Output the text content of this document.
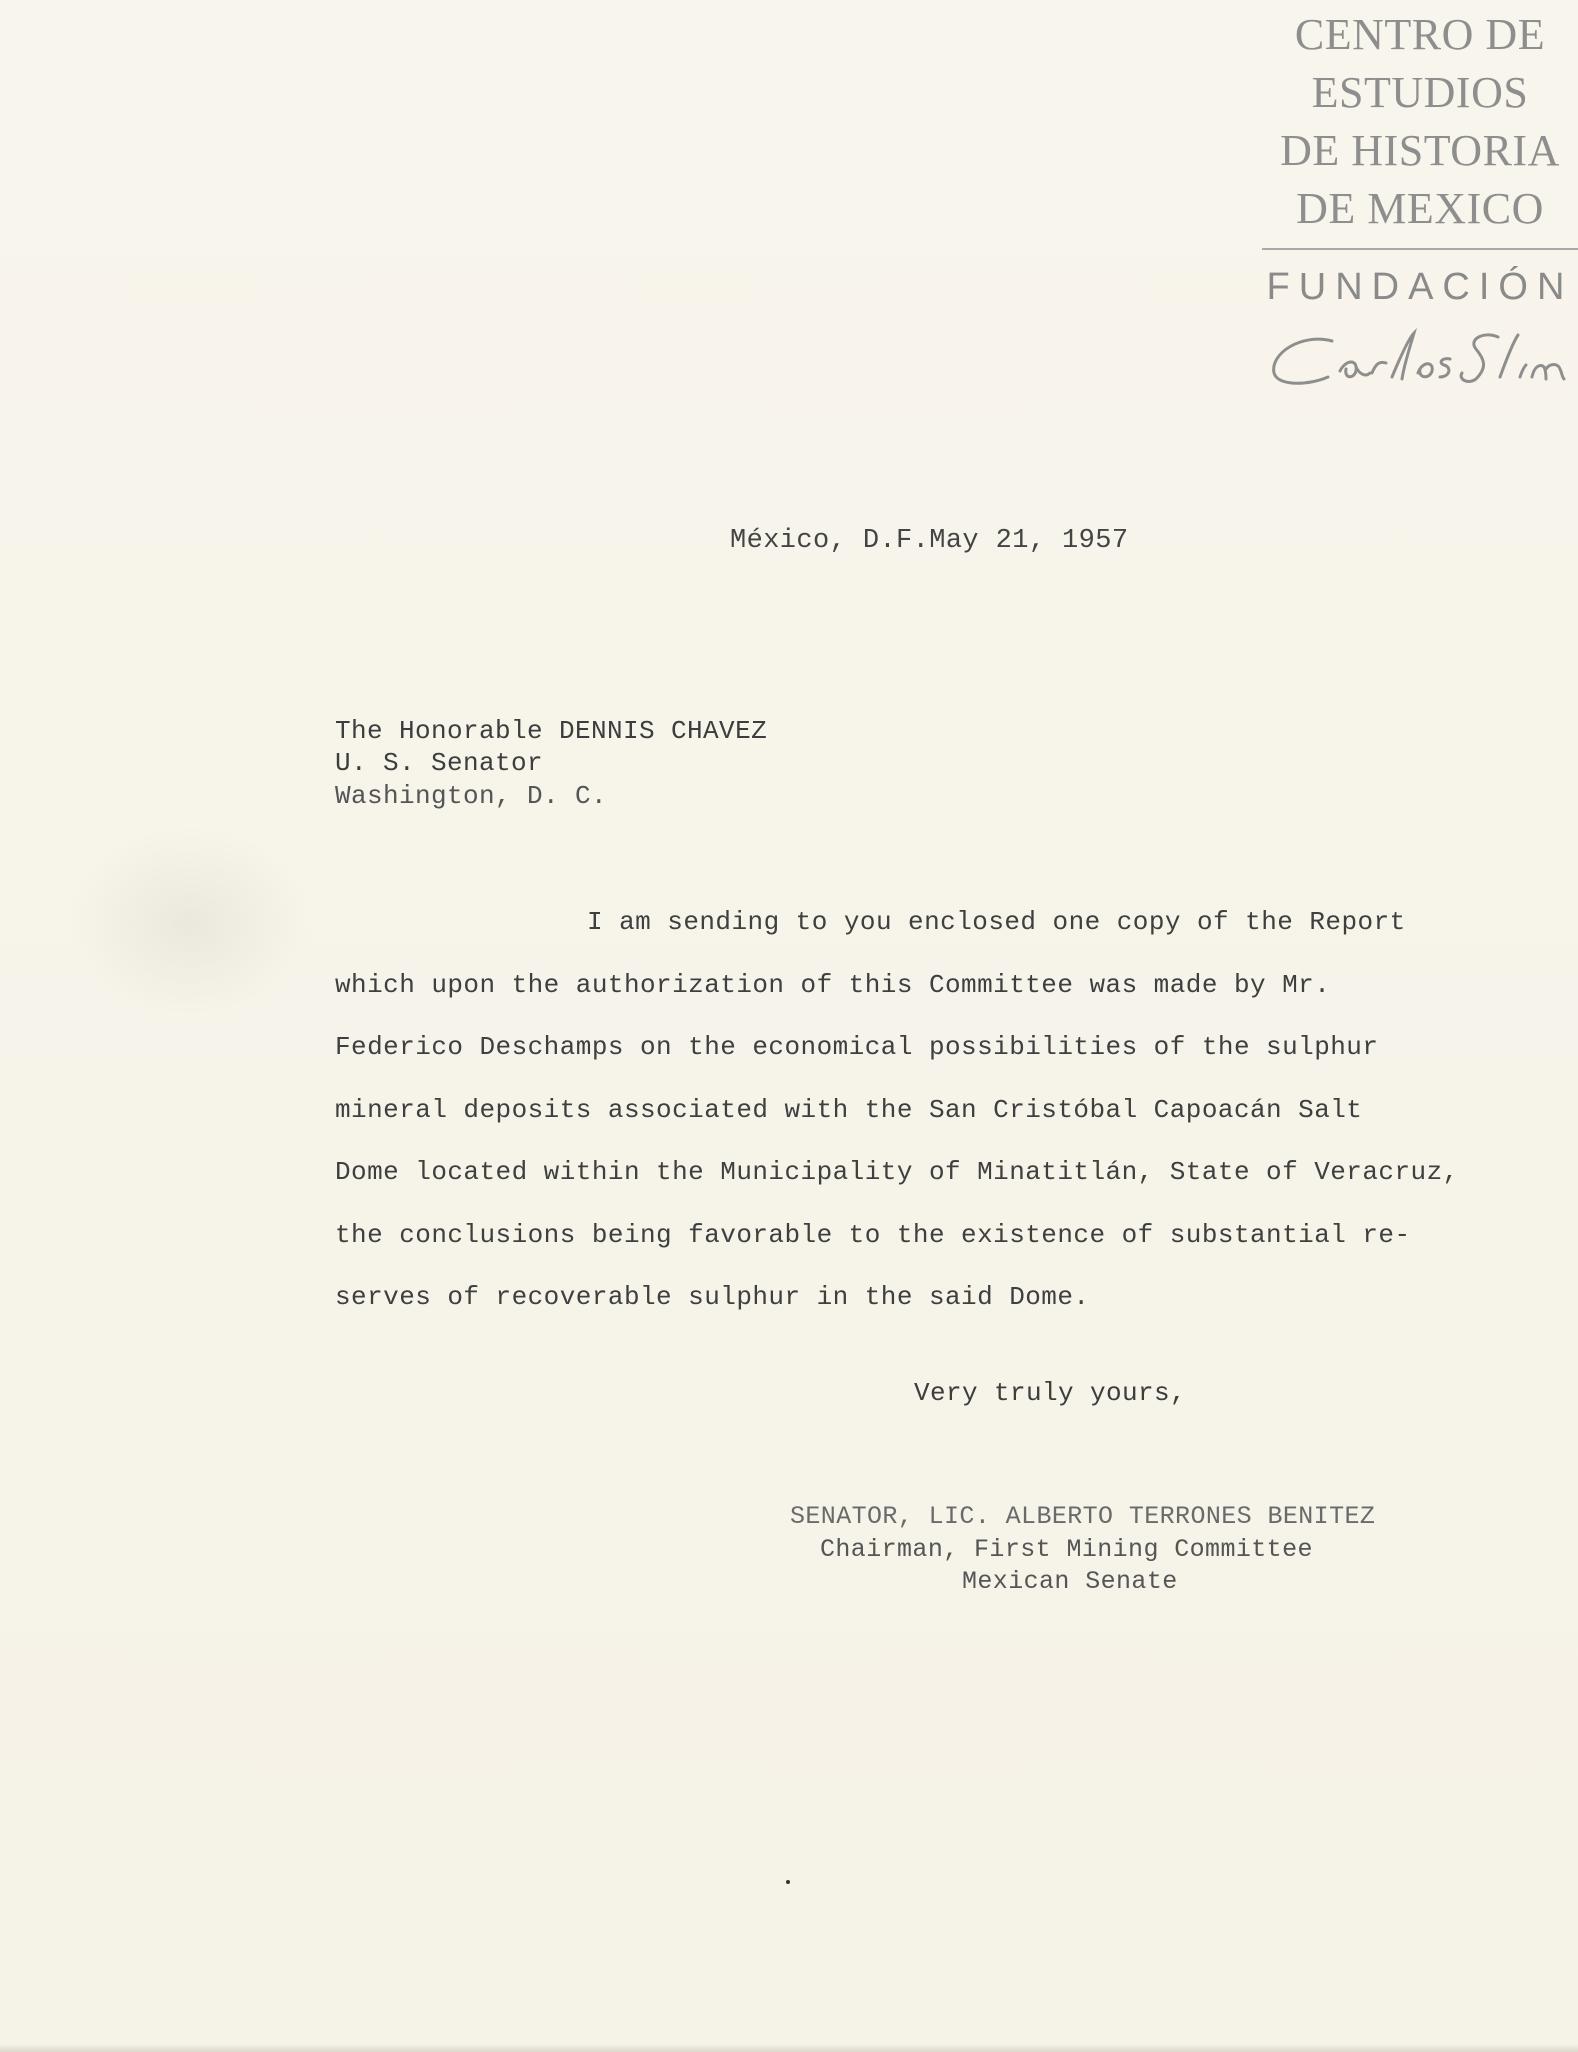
CENTRO DE
ESTUDIOS
DE HISTORIA
DE MEXICO
FUNDACIÓN
México, D.F.May 21, 1957
The Honorable DENNIS CHAVEZ
U. S. Senator
Washington, D. C.
I am sending to you enclosed one copy of the Report
which upon the authorization of this Committee was made by Mr.
Federico Deschamps on the economical possibilities of the sulphur
mineral deposits associated with the San Cristóbal Capoacán Salt
Dome located within the Municipality of Minatitlán, State of Veracruz,
the conclusions being favorable to the existence of substantial re-
serves of recoverable sulphur in the said Dome.
Very truly yours,
SENATOR, LIC. ALBERTO TERRONES BENITEZ
Chairman, First Mining Committee
Mexican Senate
